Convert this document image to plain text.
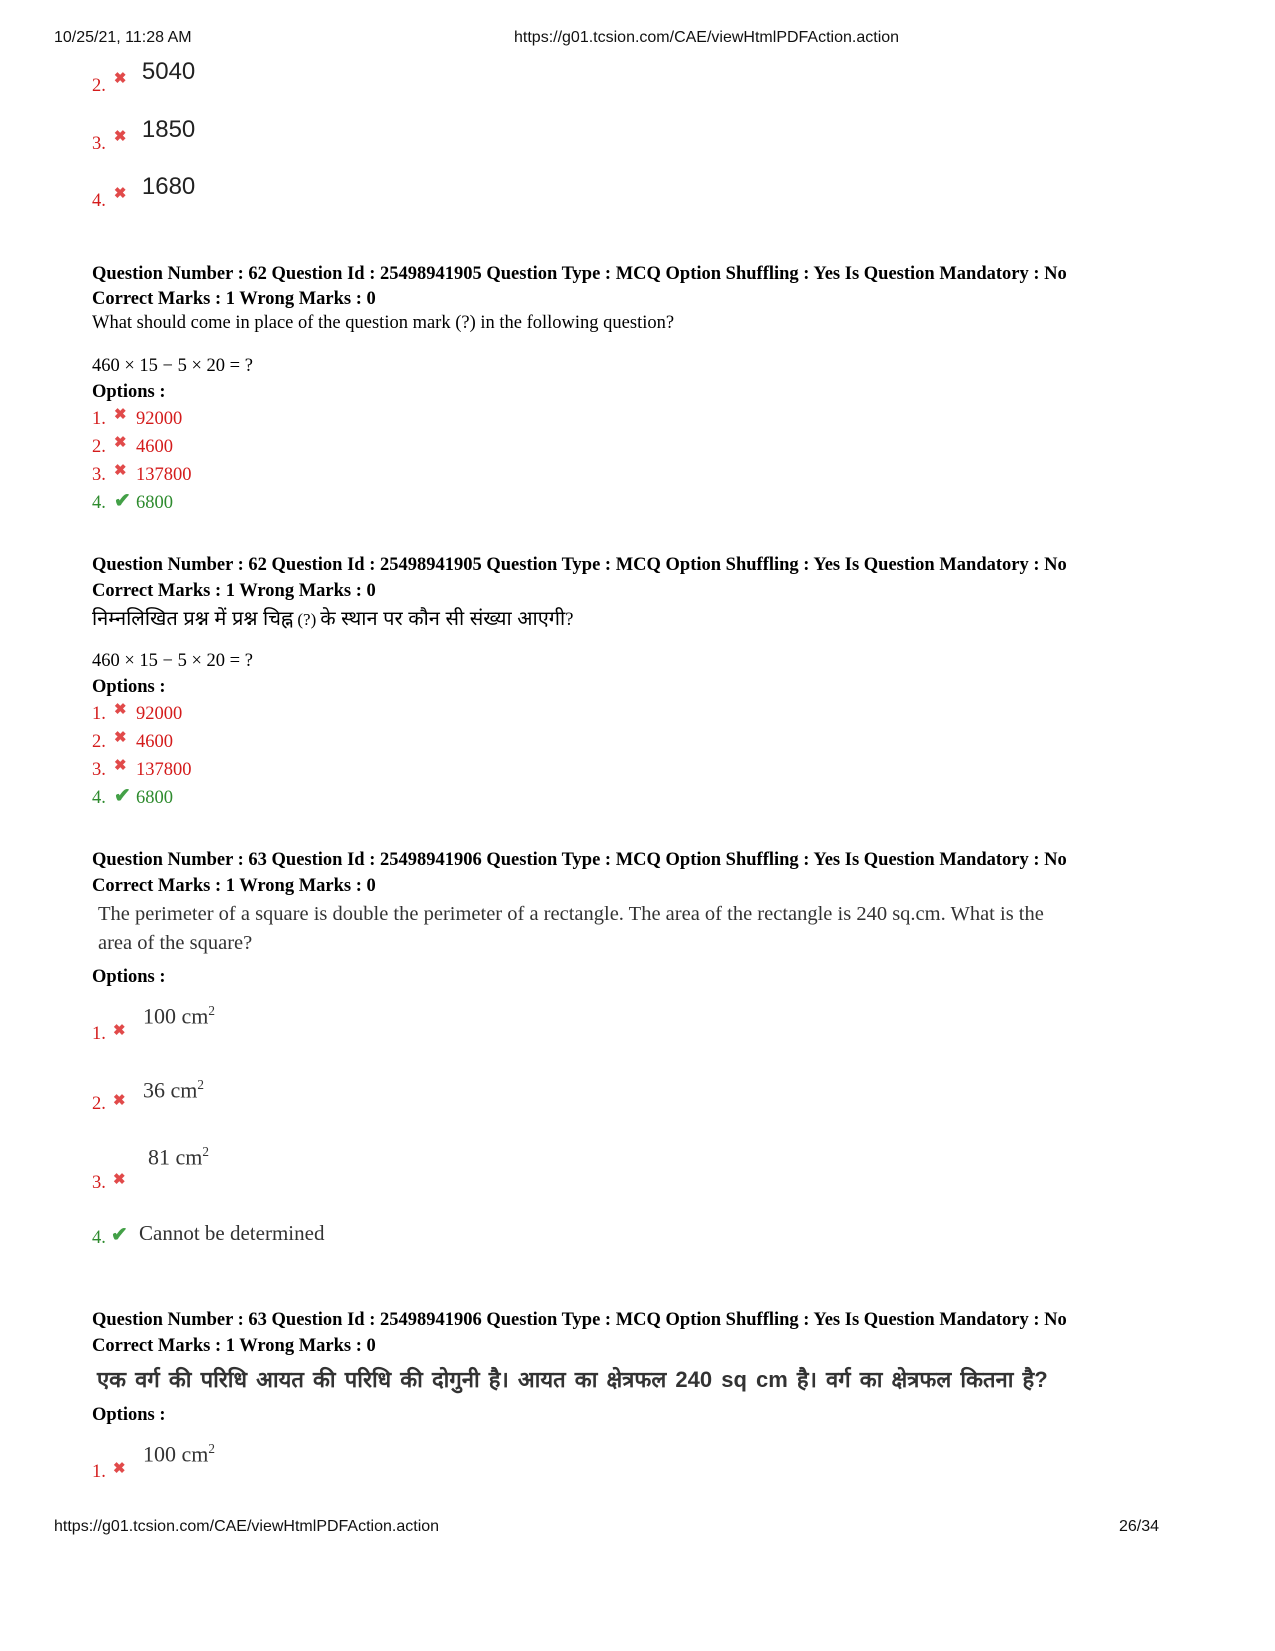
10/25/21, 11:28 AM	https://g01.tcsion.com/CAE/viewHtmlPDFAction.action
2. ✖ 5040
3. ✖ 1850
4. ✖ 1680
Question Number : 62 Question Id : 25498941905 Question Type : MCQ Option Shuffling : Yes Is Question Mandatory : No
Correct Marks : 1 Wrong Marks : 0
What should come in place of the question mark (?) in the following question?
460 × 15 − 5 × 20 = ?
Options :
1. ✖ 92000
2. ✖ 4600
3. ✖ 137800
4. ✔ 6800
Question Number : 62 Question Id : 25498941905 Question Type : MCQ Option Shuffling : Yes Is Question Mandatory : No
Correct Marks : 1 Wrong Marks : 0
निम्नलिखित प्रश्न में प्रश्न चिह्न (?) के स्थान पर कौन सी संख्या आएगी?
460 × 15 − 5 × 20 = ?
Options :
1. ✖ 92000
2. ✖ 4600
3. ✖ 137800
4. ✔ 6800
Question Number : 63 Question Id : 25498941906 Question Type : MCQ Option Shuffling : Yes Is Question Mandatory : No
Correct Marks : 1 Wrong Marks : 0
The perimeter of a square is double the perimeter of a rectangle. The area of the rectangle is 240 sq.cm. What is the
area of the square?
Options :
1. ✖
100 $cm^2$
2. ✖ 36 $cm^2$
3. ✖
81 $cm^2$
4. ✔ Cannot be determined
Question Number : 63 Question Id : 25498941906 Question Type : MCQ Option Shuffling : Yes Is Question Mandatory : No
Correct Marks : 1 Wrong Marks : 0
एक वर्ग की परिधि आयत की परिधि की दोगुनी है। आयत का क्षेत्रफल 240 sq cm है। वर्ग का क्षेत्रफल कितना है?
Options :
1. ✖
100 $cm^2$
https://g01.tcsion.com/CAE/viewHtmlPDFAction.action	26/34
